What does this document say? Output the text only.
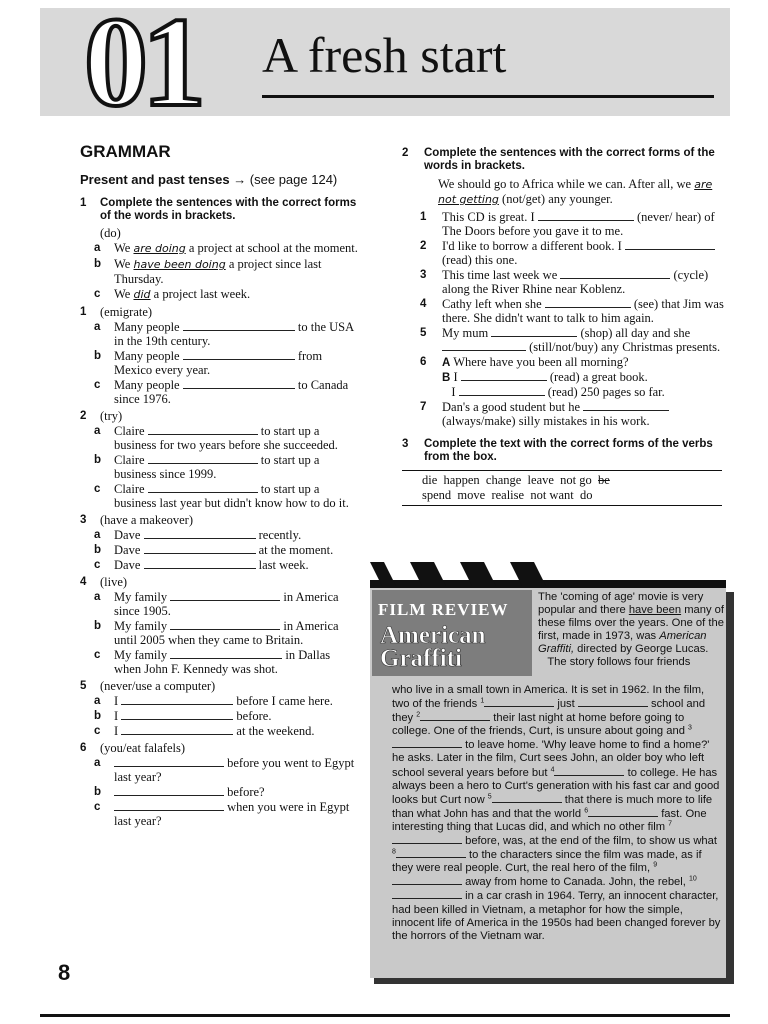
01 A fresh start
GRAMMAR
Present and past tenses → (see page 124)
1	Complete the sentences with the correct forms of the words in brackets.
(do)
a	We are doing a project at school at the moment.
b	We have been doing a project since last Thursday.
c	We did a project last week.
1	(emigrate)
a	Many people	to the USA in the 19th century.
b	Many people	from Mexico every year.
c	Many people	to Canada since 1976.
2	(try)
a	Claire	to start up a business for two years before she succeeded.
b	Claire	to start up a business since 1999.
c	Claire	to start up a business last year but didn't know how to do it.
3	(have a makeover)
a	Dave	recently.
b	Dave	at the moment.
c	Dave	last week.
4	(live)
a	My family	in America since 1905.
b	My family	in America until 2005 when they came to Britain.
c	My family	in Dallas when John F. Kennedy was shot.
5	(never/use a computer)
a	I	before I came here.
b	I	before.
c	I	at the weekend.
6	(you/eat falafels)
a	before you went to Egypt last year?
b	before?
c	when you were in Egypt last year?
2	Complete the sentences with the correct forms of the words in brackets.
We should go to Africa while we can. After all, we are not getting (not/get) any younger.
1	This CD is great. I	(never/ hear) of The Doors before you gave it to me.
2	I'd like to borrow a different book. I  (read) this one.
3	This time last week we	(cycle) along the River Rhine near Koblenz.
4	Cathy left when she	(see) that Jim was there. She didn't want to talk to him again.
5	My mum	(shop) all day and she  (still/not/buy) any Christmas presents.
6	A Where have you been all morning?
B I	(read) a great book.
I	(read) 250 pages so far.
7	Dan's a good student but he  (always/make) silly mistakes in his work.
3	Complete the text with the correct forms of the verbs from the box.
die happen change leave not go be
spend move realise not want do
FILM REVIEW
American
Graffiti
The 'coming of age' movie is very popular and there have been many of these films over the years. One of the first, made in 1973, was American Graffiti, directed by George Lucas.
The story follows four friends
who live in a small town in America. It is set in 1962. In the film, two of the friends $^1$	just	school and they $^2$	their last night at home before going to college. One of the friends, Curt, is unsure about going and $^3$ to leave home. 'Why leave home to find a home?' he asks. Later in the film, Curt sees John, an older boy who left school several years before but $^4$	to college. He has always been a hero to Curt's generation with his fast car and good looks but Curt now $^5$	that there is much more to life than what John has and that the world $^6$	fast. One interesting thing that Lucas did, and which no other film $^7$ before, was, at the end of the film, to show us what $^8$	to the characters since the film was made, as if they were real people. Curt, the real hero of the film, $^9$ away from home to Canada. John, the rebel, $^{10}$ in a car crash in 1964. Terry, an innocent character, had been killed in Vietnam, a metaphor for how the simple, innocent life of America in the 1950s had been changed forever by the horrors of the Vietnam war.
8
